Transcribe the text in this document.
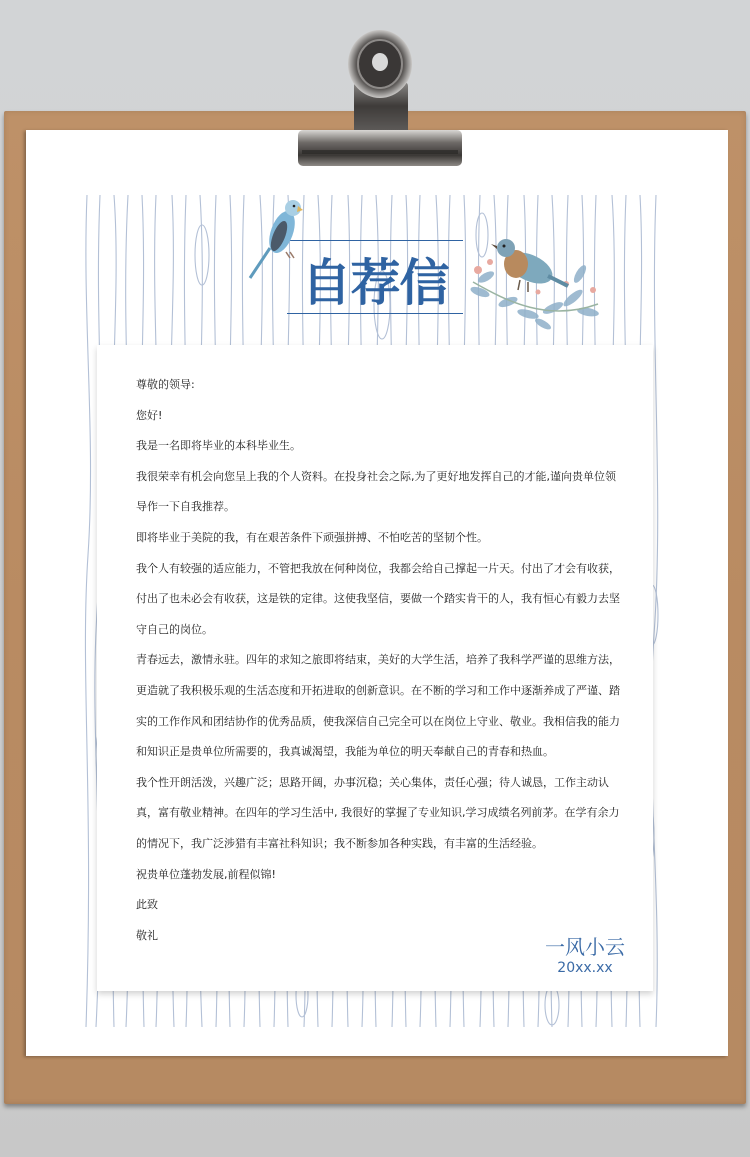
自荐信

尊敬的领导:

您好!

我是一名即将毕业的本科毕业生。

我很荣幸有机会向您呈上我的个人资料。在投身社会之际,为了更好地发挥自己的才能,谨向贵单位领导作一下自我推荐。

即将毕业于美院的我，有在艰苦条件下顽强拼搏、不怕吃苦的坚韧个性。

我个人有较强的适应能力，不管把我放在何种岗位，我都会给自己撑起一片天。付出了才会有收获，付出了也未必会有收获，这是铁的定律。这使我坚信，要做一个踏实肯干的人，我有恒心有毅力去坚守自己的岗位。

青春远去，激情永驻。四年的求知之旅即将结束，美好的大学生活，培养了我科学严谨的思维方法，更造就了我积极乐观的生活态度和开拓进取的创新意识。在不断的学习和工作中逐渐养成了严谨、踏实的工作作风和团结协作的优秀品质，使我深信自己完全可以在岗位上守业、敬业。我相信我的能力和知识正是贵单位所需要的，我真诚渴望，我能为单位的明天奉献自己的青春和热血。

我个性开朗活泼，兴趣广泛；思路开阔，办事沉稳；关心集体，责任心强；待人诚恳，工作主动认真，富有敬业精神。在四年的学习生活中, 我很好的掌握了专业知识,学习成绩名列前茅。在学有余力的情况下，我广泛涉猎有丰富社科知识；我不断参加各种实践，有丰富的生活经验。

祝贵单位蓬勃发展,前程似锦!

此致

敬礼	一风小云
20xx.xx
